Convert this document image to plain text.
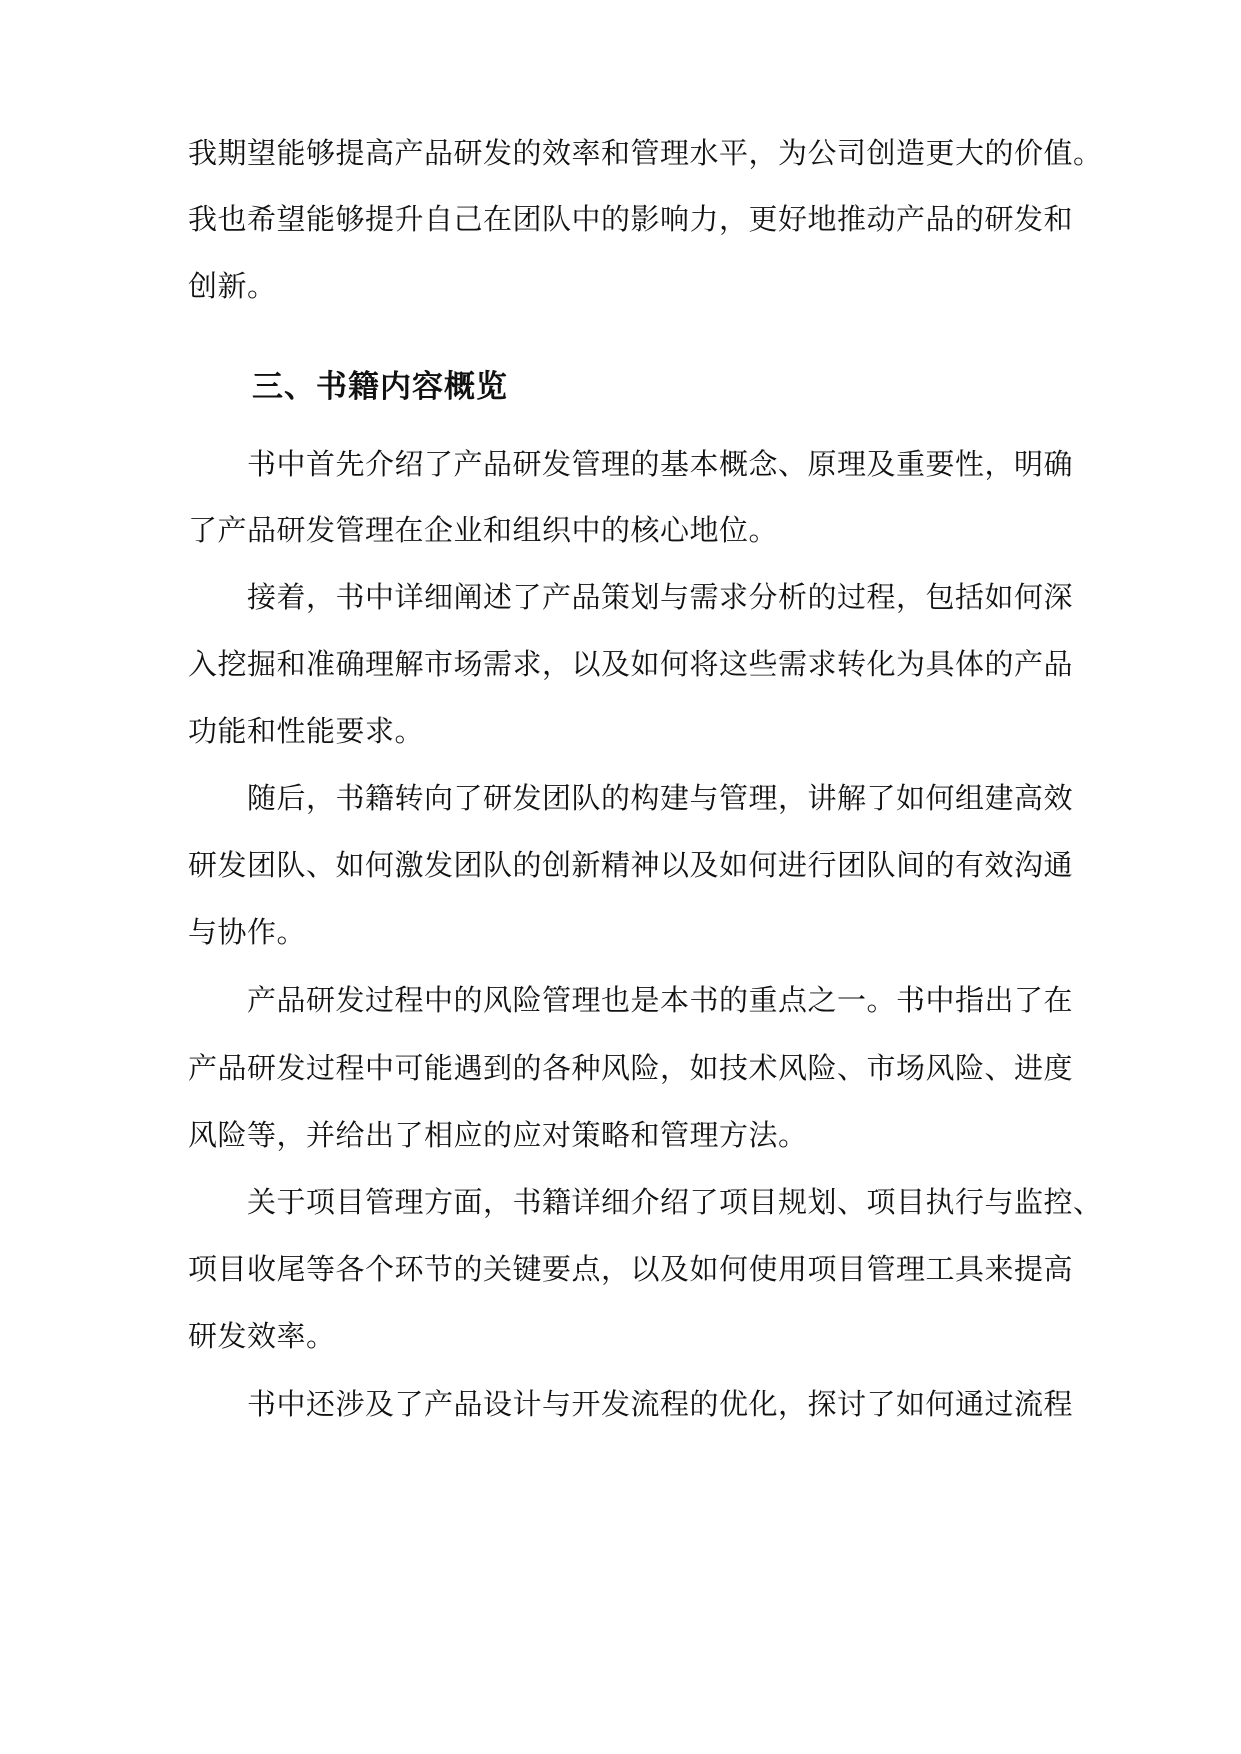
我期望能够提高产品研发的效率和管理水平，为公司创造更大的价值。
我也希望能够提升自己在团队中的影响力，更好地推动产品的研发和
创新。
三、书籍内容概览
书中首先介绍了产品研发管理的基本概念、原理及重要性，明确
了产品研发管理在企业和组织中的核心地位。
接着，书中详细阐述了产品策划与需求分析的过程，包括如何深
入挖掘和准确理解市场需求，以及如何将这些需求转化为具体的产品
功能和性能要求。
随后，书籍转向了研发团队的构建与管理，讲解了如何组建高效
研发团队、如何激发团队的创新精神以及如何进行团队间的有效沟通
与协作。
产品研发过程中的风险管理也是本书的重点之一。书中指出了在
产品研发过程中可能遇到的各种风险，如技术风险、市场风险、进度
风险等，并给出了相应的应对策略和管理方法。
关于项目管理方面，书籍详细介绍了项目规划、项目执行与监控、
项目收尾等各个环节的关键要点，以及如何使用项目管理工具来提高
研发效率。
书中还涉及了产品设计与开发流程的优化，探讨了如何通过流程
